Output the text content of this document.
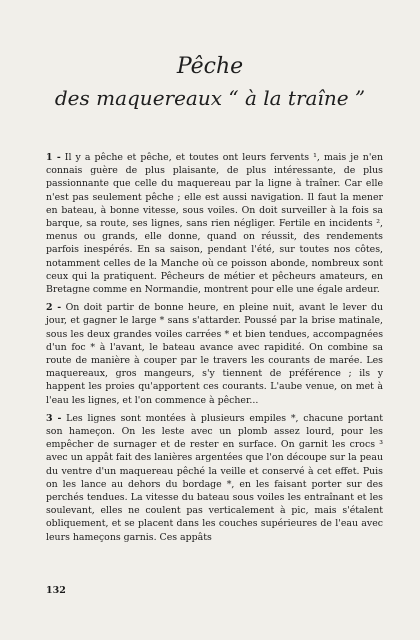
Pêche
des maquereaux “ à la traîne ”

1 - Il y a pêche et pêche, et toutes ont leurs fervents ¹, mais je n'en connais guère de plus plaisante, de plus intéressante, de plus passionnante que celle du maquereau par la ligne à traîner. Car elle n'est pas seulement pêche ; elle est aussi navigation. Il faut la mener en bateau, à bonne vitesse, sous voiles. On doit surveiller à la fois sa barque, sa route, ses lignes, sans rien négliger. Fertile en incidents ², menus ou grands, elle donne, quand on réussit, des rendements parfois inespérés. En sa saison, pendant l'été, sur toutes nos côtes, notamment celles de la Manche où ce poisson abonde, nombreux sont ceux qui la pratiquent. Pêcheurs de métier et pêcheurs amateurs, en Bretagne comme en Normandie, montrent pour elle une égale ardeur.

2 - On doit partir de bonne heure, en pleine nuit, avant le lever du jour, et gagner le large * sans s'attarder. Poussé par la brise matinale, sous les deux grandes voiles carrées * et bien tendues, accompagnées d'un foc * à l'avant, le bateau avance avec rapidité. On combine sa route de manière à couper par le travers les courants de marée. Les maquereaux, gros mangeurs, s'y tiennent de préférence ; ils y happent les proies qu'apportent ces courants. L'aube venue, on met à l'eau les lignes, et l'on commence à pêcher...

3 - Les lignes sont montées à plusieurs empiles *, chacune portant son hameçon. On les leste avec un plomb assez lourd, pour les empêcher de surnager et de rester en surface. On garnit les crocs ³ avec un appât fait des lanières argentées que l'on découpe sur la peau du ventre d'un maquereau pêché la veille et conservé à cet effet. Puis on les lance au dehors du bordage *, en les faisant porter sur des perchés tendues. La vitesse du bateau sous voiles les entraînant et les soulevant, elles ne coulent pas verticalement à pic, mais s'étalent obliquement, et se placent dans les couches supérieures de l'eau avec leurs hameçons garnis. Ces appâts

132
